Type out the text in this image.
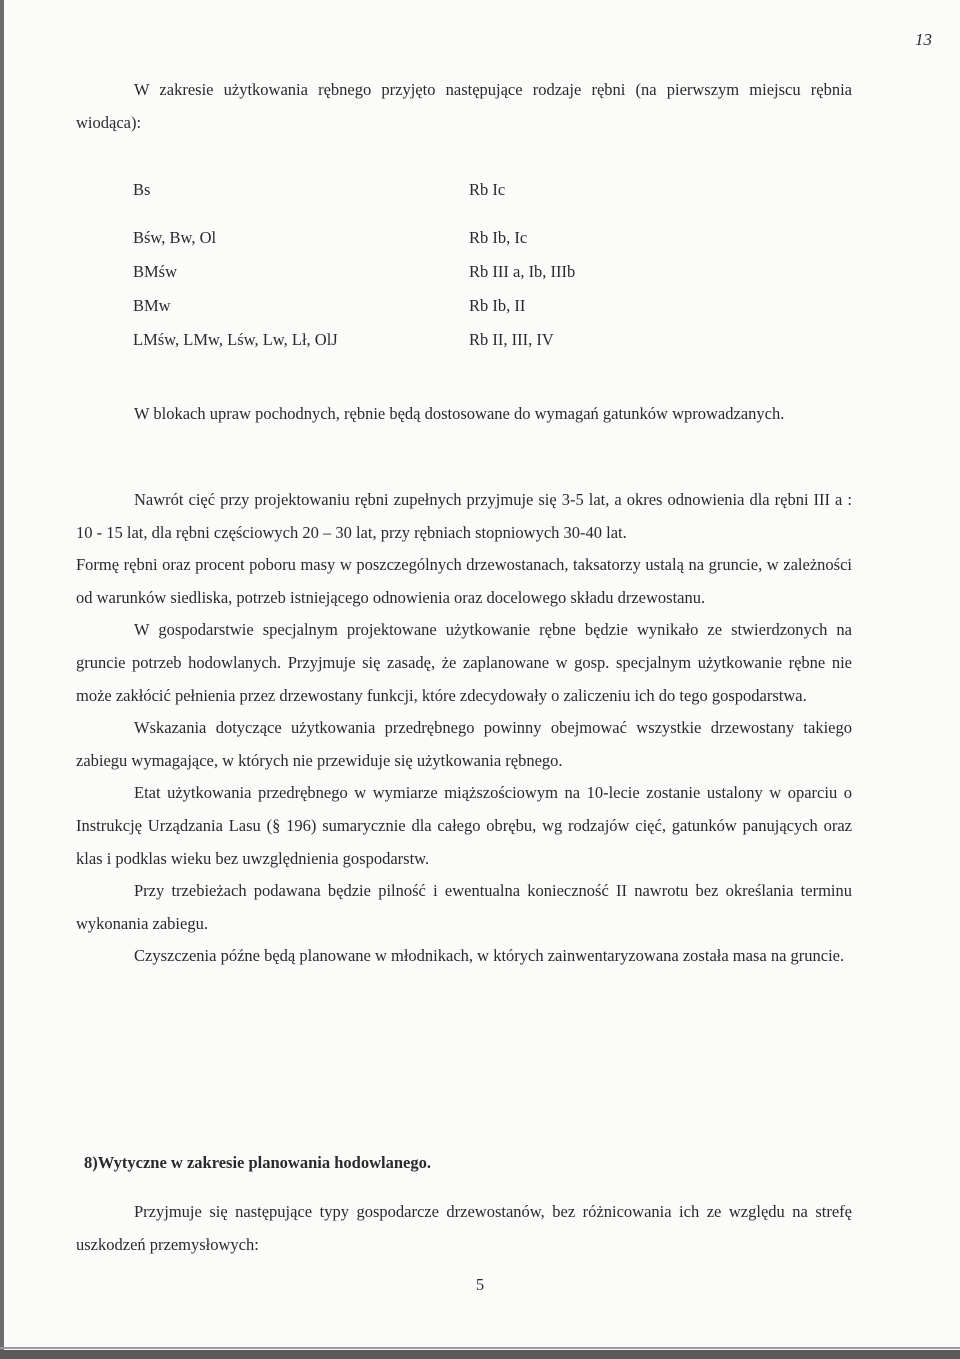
13

W zakresie użytkowania rębnego przyjęto następujące rodzaje rębni (na pierwszym miejscu rębnia wiodąca):

Bs	Rb Ic
Bśw, Bw, Ol	Rb Ib, Ic
BMśw	Rb III a, Ib, IIIb
BMw	Rb Ib, II
LMśw, LMw, Lśw, Lw, Lł, OlJ	Rb II, III, IV

W blokach upraw pochodnych, rębnie będą dostosowane do wymagań gatunków wprowadzanych.

Nawrót cięć przy projektowaniu rębni zupełnych przyjmuje się 3-5 lat, a okres odnowienia dla rębni III a : 10 - 15 lat, dla rębni częściowych 20 – 30 lat, przy rębniach stopniowych 30-40 lat.

Formę rębni oraz procent poboru masy w poszczególnych drzewostanach, taksatorzy ustalą na gruncie, w zależności od warunków siedliska, potrzeb istniejącego odnowienia oraz docelowego składu drzewostanu.

W gospodarstwie specjalnym projektowane użytkowanie rębne będzie wynikało ze stwierdzonych na gruncie potrzeb hodowlanych. Przyjmuje się zasadę, że zaplanowane w gosp. specjalnym użytkowanie rębne nie może zakłócić pełnienia przez drzewostany funkcji, które zdecydowały o zaliczeniu ich do tego gospodarstwa.

Wskazania dotyczące użytkowania przedrębnego powinny obejmować wszystkie drzewostany takiego zabiegu wymagające, w których nie przewiduje się użytkowania rębnego.

Etat użytkowania przedrębnego w wymiarze miąższościowym na 10-lecie zostanie ustalony w oparciu o Instrukcję Urządzania Lasu (§ 196) sumarycznie dla całego obrębu, wg rodzajów cięć, gatunków panujących oraz klas i podklas wieku bez uwzględnienia gospodarstw.

Przy trzebieżach podawana będzie pilność i ewentualna konieczność II nawrotu bez określania terminu wykonania zabiegu.

Czyszczenia późne będą planowane w młodnikach, w których zainwentaryzowana została masa na gruncie.

8)Wytyczne w zakresie planowania hodowlanego.

Przyjmuje się następujące typy gospodarcze drzewostanów, bez różnicowania ich ze względu na strefę uszkodzeń przemysłowych:

5
